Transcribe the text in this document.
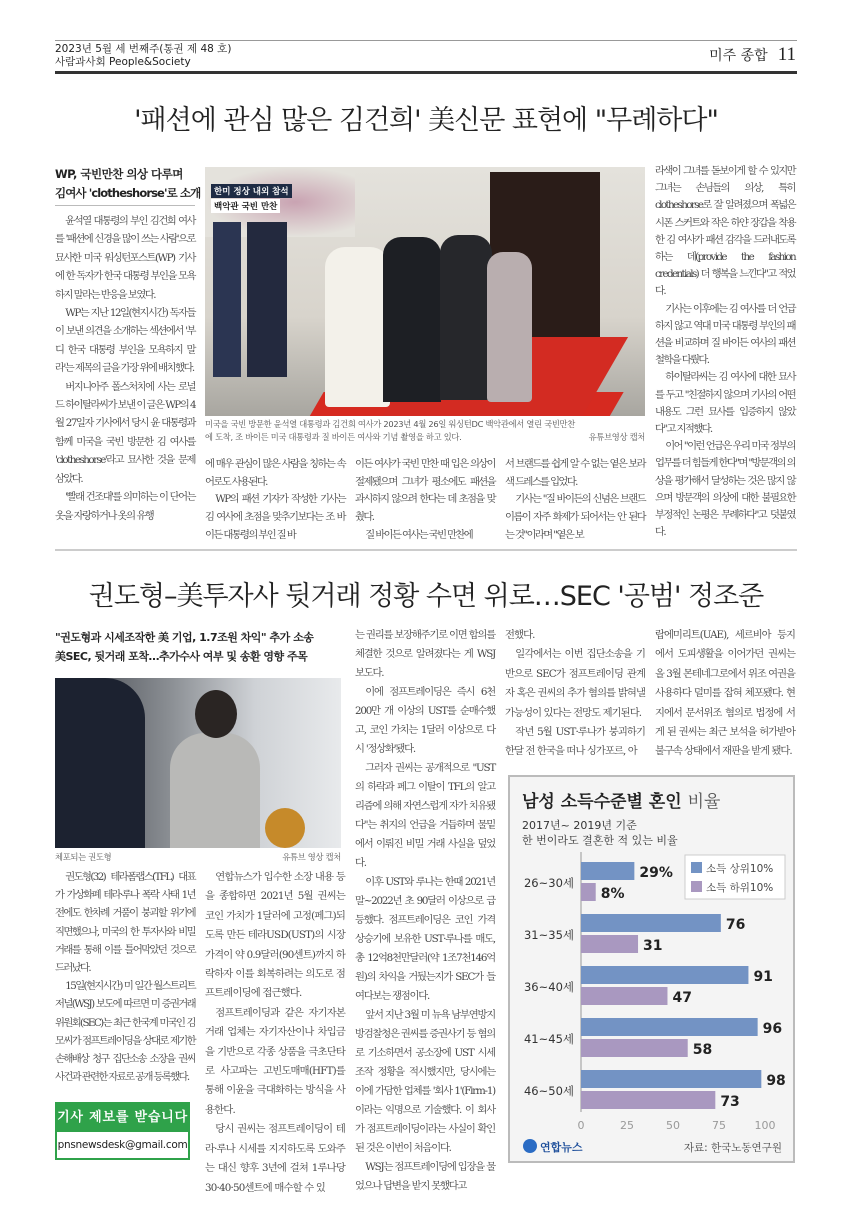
2023년 5월 세 번째주(통권 제 48 호)
사람과사회 People&Society	미주 종합 11
'패션에 관심 많은 김건희' 美신문 표현에 "무례하다"
WP, 국빈만찬 의상 다루며
김여사 'clotheshorse'로 소개

윤석열 대통령의 부인 김건희 여사를 '패션에 신경을 많이 쓰는 사람'으로 묘사한 미국 워싱턴포스트(WP) 기사에 한 독자가 한국 대통령 부인을 모욕하지 말라는 반응을 보였다.

WP는 지난 12일(현지시간) 독자들이 보낸 의견을 소개하는 섹션에서 '부디 한국 대통령 부인을 모욕하지 말라'는 제목의 글을 가장 위에 배치했다.

버지니아주 폴스처치에 사는 로널드 하이탈라씨가 보낸 이 글은 WP의 4월 27일자 기사에서 당시 윤 대통령과 함께 미국을 국빈 방문한 김 여사를 'clotheshorse'라고 묘사한 것을 문제 삼았다.

'빨래 건조대'를 의미하는 이 단어는 옷을 자랑하거나 옷의 유행

한미 정상 내외 참석
백악관 국빈 만찬
미국을 국빈 방문한 윤석열 대통령과 김건희 여사가 2023년 4월 26일 워싱턴DC 백악관에서 열린 국빈만찬에 도착, 조 바이든 미국 대통령과 질 바이든 여사와 기념 촬영을 하고 있다.	유튜브영상 캡처

에 매우 관심이 많은 사람을 칭하는 속어로도 사용된다.

WP의 패션 기자가 작성한 기사는 김 여사에 초점을 맞추기보다는 조 바이든 대통령의 부인 질 바

이든 여사가 국빈 만찬 때 입은 의상이 절제됐으며 그녀가 평소에도 패션을 과시하지 않으려 한다는 데 초점을 맞췄다.

질 바이든 여사는 국빈 만찬에

서 브랜드를 쉽게 알 수 없는 옅은 보라색 드레스를 입었다.

기사는 "질 바이든의 신념은 브랜드 이름이 자주 화제가 되어서는 안 된다는 것"이라며 "옅은 보

라색이 그녀를 돋보이게 할 수 있지만 그녀는 손님들의 의상, 특히 clotheshorse로 잘 알려졌으며 폭넓은 시폰 스커트와 작은 하얀 장갑을 착용한 김 여사가 패션 감각을 드러내도록 하는 데(provide the fashion credentials) 더 행복을 느낀다"고 적었다.

기사는 이후에는 김 여사를 더 언급하지 않고 역대 미국 대통령 부인의 패션을 비교하며 질 바이든 여사의 패션 철학을 다뤘다.

하이탈라씨는 김 여사에 대한 묘사를 두고 "친절하지 않으며 기사의 어떤 내용도 그런 묘사를 입증하지 않았다"고 지적했다.

이어 "이런 언급은 우리 미국 정부의 업무를 더 힘들게 한다"며 "방문객의 의상을 평가해서 달성하는 것은 많지 않으며 방문객의 의상에 대한 불필요한 부정적인 논평은 무례하다"고 덧붙였다.

권도형–美투자사 뒷거래 정황 수면 위로…SEC '공범' 정조준
"권도형과 시세조작한 美 기업, 1.7조원 차익" 추가 소송
美SEC, 뒷거래 포착…추가수사 여부 및 송환 영향 주목
체포되는 권도형	유튜브 영상 캡처

권도형(32) 테라폼랩스(TFL) 대표가 가상화폐 테라·루나 폭락 사태 1년 전에도 한차례 거품이 붕괴할 위기에 직면했으나, 미국의 한 투자사와 비밀 거래를 통해 이를 틀어막았던 것으로 드러났다.

15일(현지시간) 미 일간 월스트리트저널(WSJ) 보도에 따르면 미 증권거래위원회(SEC)는 최근 한국계 미국인 김모씨가 점프트레이딩을 상대로 제기한 손해배상 청구 집단소송 소장을 권씨 사건과 관련한 자료로 공개 등록했다.

연합뉴스가 입수한 소장 내용 등을 종합하면 2021년 5월 권씨는 코인 가치가 1달러에 고정(페그)되도록 만든 테라USD(UST)의 시장 가격이 약 0.9달러(90센트)까지 하락하자 이를 회복하려는 의도로 점프트레이딩에 접근했다.

점프트레이딩과 같은 자기자본 거래 업체는 자기자산이나 차입금을 기반으로 각종 상품을 극초단타로 사고파는 고빈도매매(HFT)를 통해 이윤을 극대화하는 방식을 사용한다.

당시 권씨는 점프트레이딩이 테라·루나 시세를 지지하도록 도와주는 대신 향후 3년에 걸쳐 1루나당 30·40·50센트에 매수할 수 있

는 권리를 보장해주기로 이면 합의를 체결한 것으로 알려졌다는 게 WSJ 보도다.

이에 점프트레이딩은 즉시 6천200만 개 이상의 UST를 순매수했고, 코인 가치는 1달러 이상으로 다시 '정상화'됐다.

그러자 권씨는 공개적으로 "UST의 하락과 페그 이탈이 TFL의 알고리즘에 의해 자연스럽게 자가 치유됐다"는 취지의 언급을 거듭하며 물밑에서 이뤄진 비밀 거래 사실을 덮었다.

이후 UST와 루나는 한때 2021년 말~2022년 초 90달러 이상으로 급등했다. 점프트레이딩은 코인 가격 상승기에 보유한 UST·루나를 매도, 총 12억8천만달러(약 1조7천146억원)의 차익을 거뒀는지가 SEC가 들여다보는 쟁점이다.

앞서 지난 3월 미 뉴욕 남부연방지방검찰청은 권씨를 증권사기 등 혐의로 기소하면서 공소장에 UST 시세 조작 정황을 적시했지만, 당시에는 이에 가담한 업체를 '회사 1'(Firm-1)이라는 익명으로 기술했다. 이 회사가 점프트레이딩이라는 사실이 확인된 것은 이번이 처음이다.

WSJ는 점프트레이딩에 입장을 물었으나 답변을 받지 못했다고

전했다.

일각에서는 이번 집단소송을 기반으로 SEC가 점프트레이딩 관계자 혹은 권씨의 추가 혐의를 밝혀낼 가능성이 있다는 전망도 제기된다.

작년 5월 UST·루나가 붕괴하기 한달 전 한국을 떠나 싱가포르, 아

랍에미리트(UAE), 세르비아 등지에서 도피생활을 이어가던 권씨는 올 3월 몬테네그로에서 위조 여권을 사용하다 덜미를 잡혀 체포됐다. 현지에서 문서위조 혐의로 법정에 서게 된 권씨는 최근 보석을 허가받아 불구속 상태에서 재판을 받게 됐다.

기사 제보를 받습니다
pnsnewsdesk@gmail.com
남성 소득수준별 혼인 비율
2017년~ 2019년 기준
한 번이라도 결혼한 적 있는 비율
26~30세
29%
8%
31~35세
76
31
36~40세
91
47
41~45세
96
58
46~50세
98
73
0	25	50	75	100
소득 상위10%
소득 하위10%
연합뉴스	자료: 한국노동연구원
